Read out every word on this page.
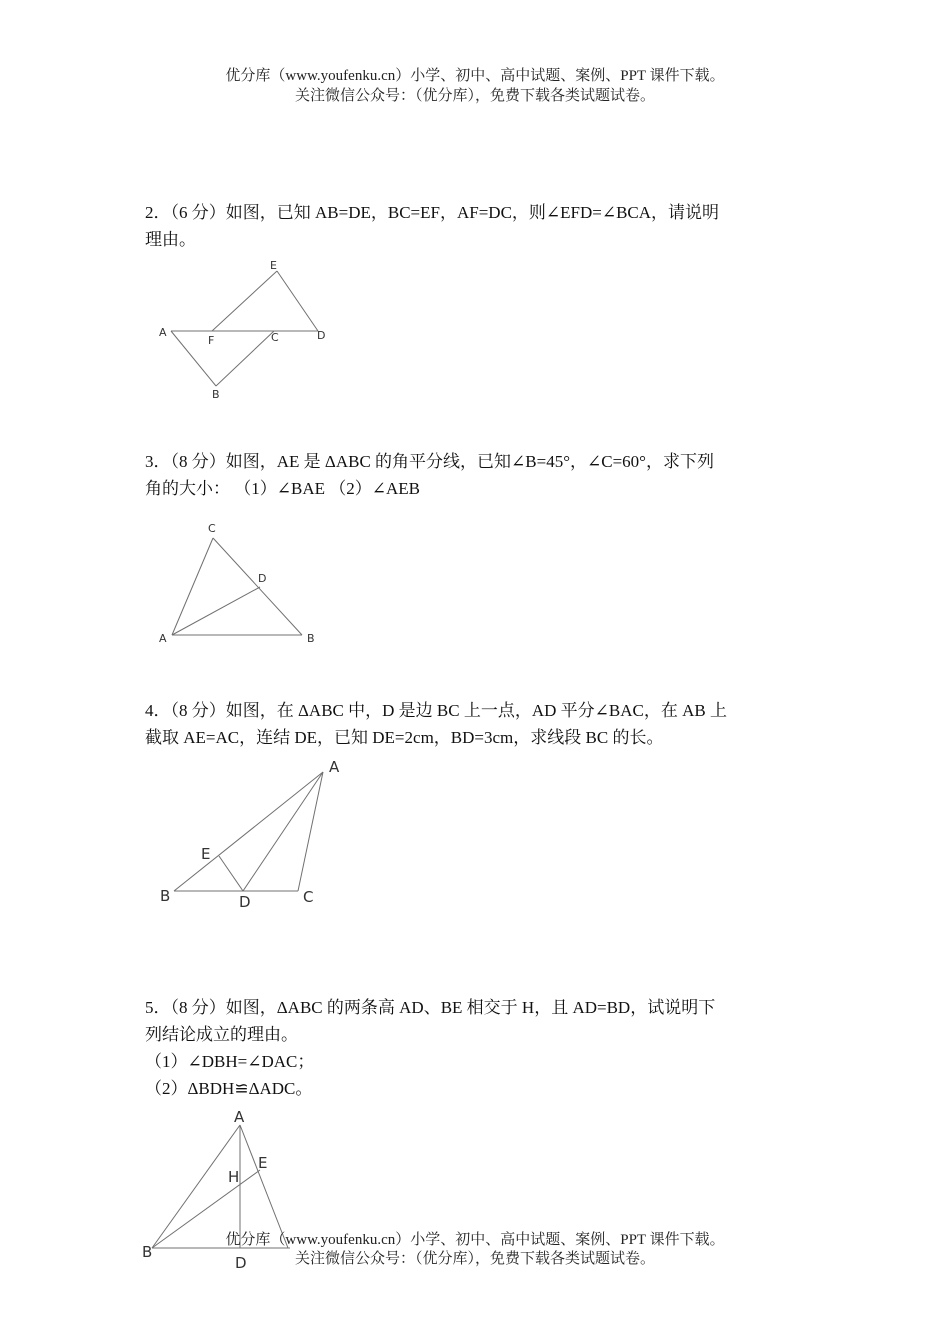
优分库（www.youfenku.cn）小学、初中、高中试题、案例、PPT 课件下载。
关注微信公众号：（优分库），免费下载各类试题试卷。

2．（6 分）如图，已知 AB=DE，BC=EF，AF=DC，则∠EFD=∠BCA，请说明

理由。

E
A
F	C	D
B

3．（8 分）如图，AE 是 ΔABC 的角平分线，已知∠B=45°，∠C=60°，求下列

角的大小： （1）∠BAE （2）∠AEB

C
D
A	B

4．（8 分）如图，在 ΔABC 中，D 是边 BC 上一点，AD 平分∠BAC，在 AB 上

截取 AE=AC，连结 DE，已知 DE=2cm，BD=3cm，求线段 BC 的长。

A
E
B	D	C

5．（8 分）如图，ΔABC 的两条高 AD、BE 相交于 H，且 AD=BD，试说明下

列结论成立的理由。

（1）∠DBH=∠DAC；

（2）ΔBDH≌ΔADC。

A
H
E
B
D
优分库（www.youfenku.cn）小学、初中、高中试题、案例、PPT 课件下载。
关注微信公众号：（优分库），免费下载各类试题试卷。
